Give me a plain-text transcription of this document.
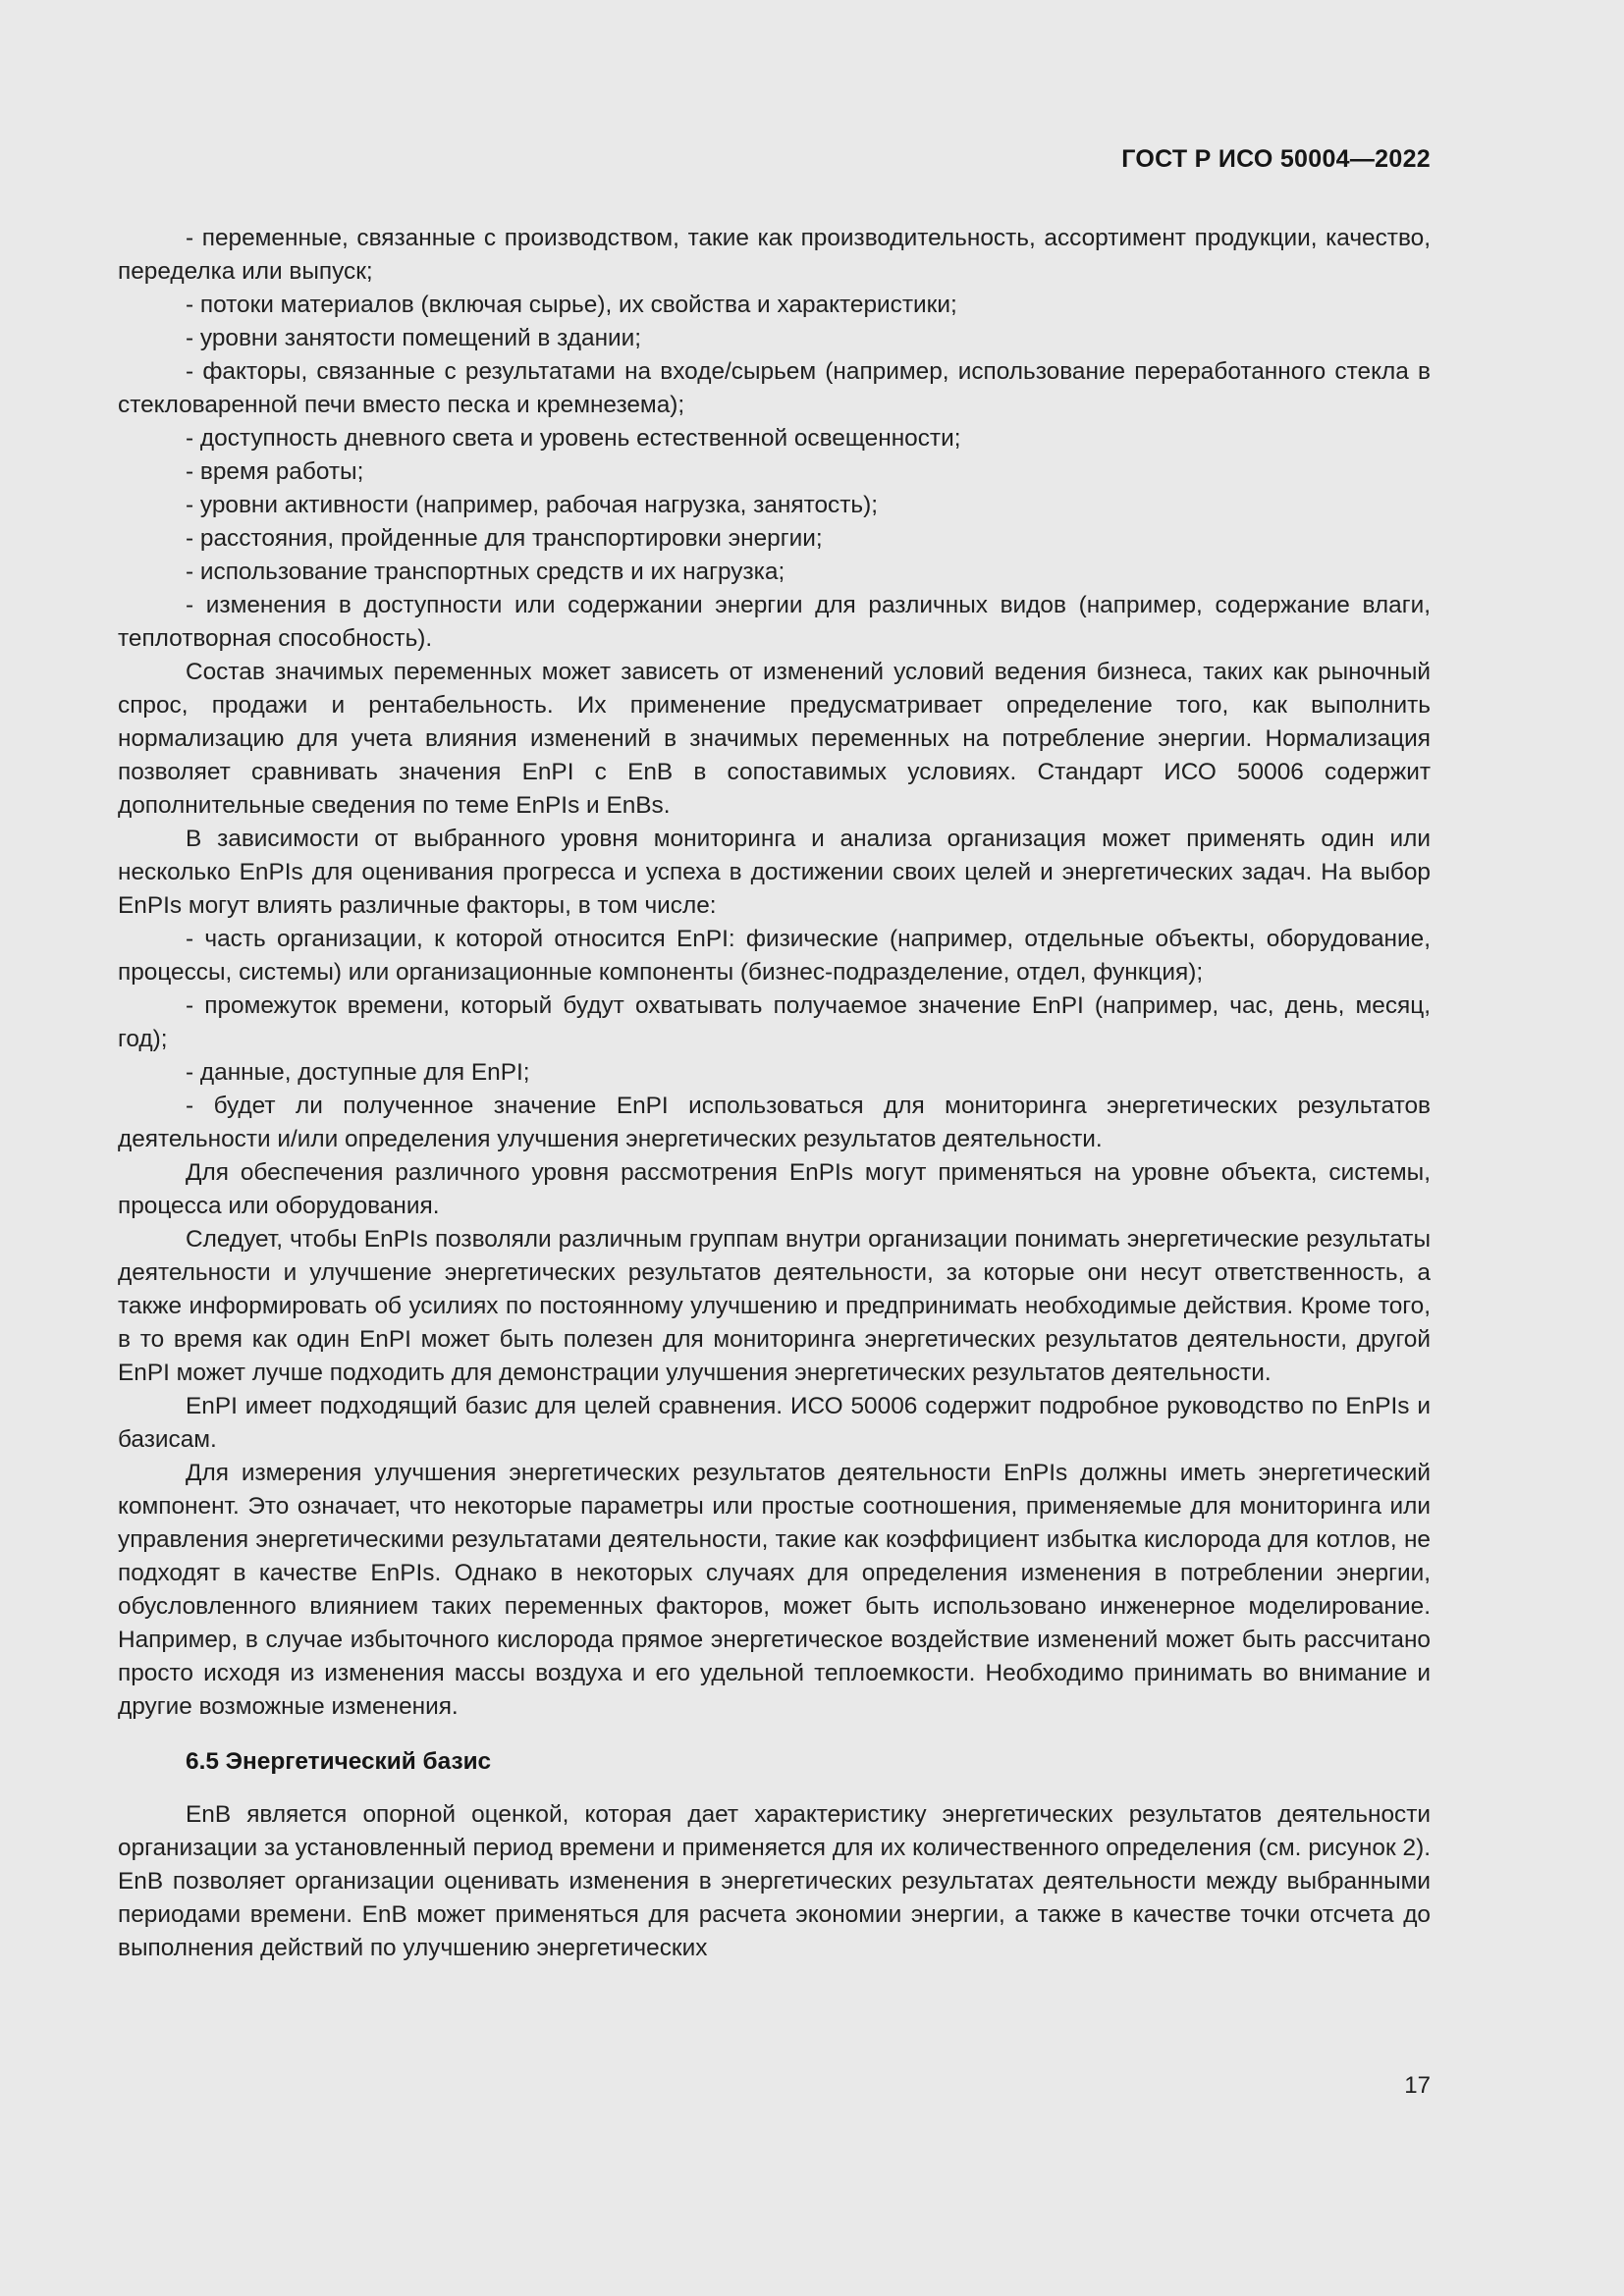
ГОСТ Р ИСО 50004—2022

- переменные, связанные с производством, такие как производительность, ассортимент продукции, качество, переделка или выпуск;

- потоки материалов (включая сырье), их свойства и характеристики;

- уровни занятости помещений в здании;

- факторы, связанные с результатами на входе/сырьем (например, использование переработанного стекла в стекловаренной печи вместо песка и кремнезема);

- доступность дневного света и уровень естественной освещенности;

- время работы;

- уровни активности (например, рабочая нагрузка, занятость);

- расстояния, пройденные для транспортировки энергии;

- использование транспортных средств и их нагрузка;

- изменения в доступности или содержании энергии для различных видов (например, содержание влаги, теплотворная способность).

Состав значимых переменных может зависеть от изменений условий ведения бизнеса, таких как рыночный спрос, продажи и рентабельность. Их применение предусматривает определение того, как выполнить нормализацию для учета влияния изменений в значимых переменных на потребление энергии. Нормализация позволяет сравнивать значения EnPI с EnB в сопоставимых условиях. Стандарт ИСО 50006 содержит дополнительные сведения по теме EnPIs и EnBs.

В зависимости от выбранного уровня мониторинга и анализа организация может применять один или несколько EnPIs для оценивания прогресса и успеха в достижении своих целей и энергетических задач. На выбор EnPIs могут влиять различные факторы, в том числе:

- часть организации, к которой относится EnPI: физические (например, отдельные объекты, оборудование, процессы, системы) или организационные компоненты (бизнес-подразделение, отдел, функция);

- промежуток времени, который будут охватывать получаемое значение EnPI (например, час, день, месяц, год);

- данные, доступные для EnPI;

- будет ли полученное значение EnPI использоваться для мониторинга энергетических результатов деятельности и/или определения улучшения энергетических результатов деятельности.

Для обеспечения различного уровня рассмотрения EnPIs могут применяться на уровне объекта, системы, процесса или оборудования.

Следует, чтобы EnPIs позволяли различным группам внутри организации понимать энергетические результаты деятельности и улучшение энергетических результатов деятельности, за которые они несут ответственность, а также информировать об усилиях по постоянному улучшению и предпринимать необходимые действия. Кроме того, в то время как один EnPI может быть полезен для мониторинга энергетических результатов деятельности, другой EnPI может лучше подходить для демонстрации улучшения энергетических результатов деятельности.

EnPI имеет подходящий базис для целей сравнения. ИСО 50006 содержит подробное руководство по EnPIs и базисам.

Для измерения улучшения энергетических результатов деятельности EnPIs должны иметь энергетический компонент. Это означает, что некоторые параметры или простые соотношения, применяемые для мониторинга или управления энергетическими результатами деятельности, такие как коэффициент избытка кислорода для котлов, не подходят в качестве EnPIs. Однако в некоторых случаях для определения изменения в потреблении энергии, обусловленного влиянием таких переменных факторов, может быть использовано инженерное моделирование. Например, в случае избыточного кислорода прямое энергетическое воздействие изменений может быть рассчитано просто исходя из изменения массы воздуха и его удельной теплоемкости. Необходимо принимать во внимание и другие возможные изменения.

6.5 Энергетический базис

EnB является опорной оценкой, которая дает характеристику энергетических результатов деятельности организации за установленный период времени и применяется для их количественного определения (см. рисунок 2). EnB позволяет организации оценивать изменения в энергетических результатах деятельности между выбранными периодами времени. EnB может применяться для расчета экономии энергии, а также в качестве точки отсчета до выполнения действий по улучшению энергетических

17
